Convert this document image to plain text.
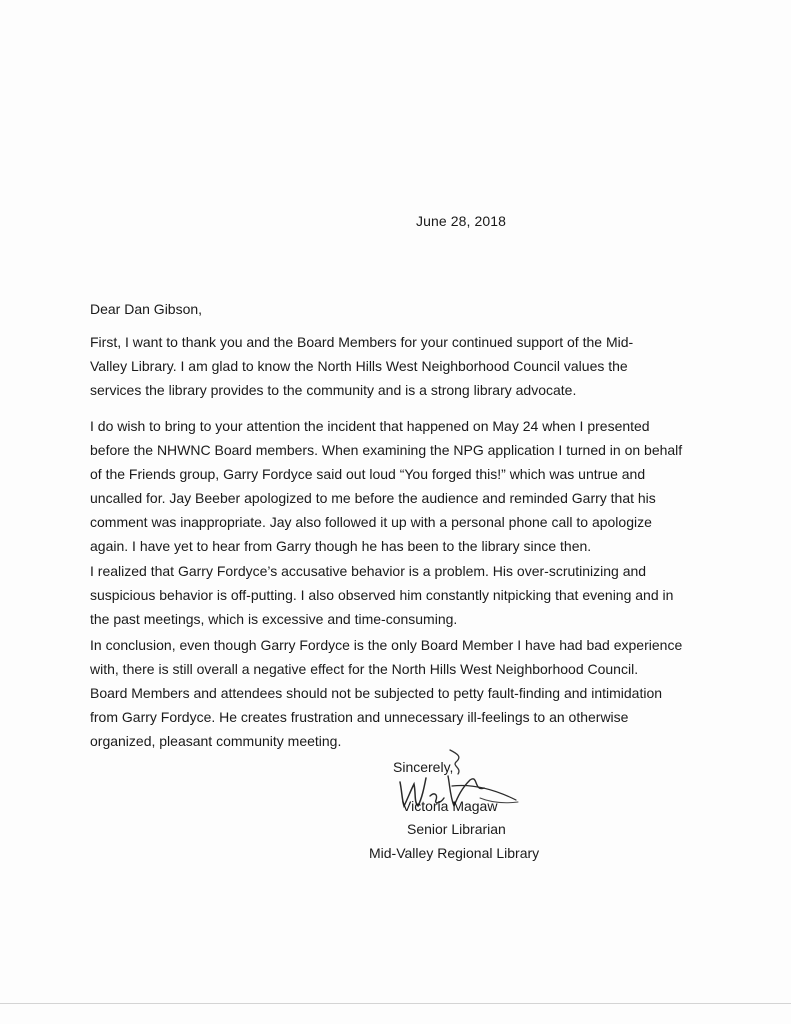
June 28, 2018
Dear Dan Gibson,

First, I want to thank you and the Board Members for your continued support of the Mid-
Valley Library. I am glad to know the North Hills West Neighborhood Council values the
services the library provides to the community and is a strong library advocate.

I do wish to bring to your attention the incident that happened on May 24 when I presented
before the NHWNC Board members. When examining the NPG application I turned in on behalf
of the Friends group, Garry Fordyce said out loud “You forged this!” which was untrue and
uncalled for. Jay Beeber apologized to me before the audience and reminded Garry that his
comment was inappropriate. Jay also followed it up with a personal phone call to apologize
again. I have yet to hear from Garry though he has been to the library since then.

I realized that Garry Fordyce’s accusative behavior is a problem. His over-scrutinizing and
suspicious behavior is off-putting. I also observed him constantly nitpicking that evening and in
the past meetings, which is excessive and time-consuming.

In conclusion, even though Garry Fordyce is the only Board Member I have had bad experience
with, there is still overall a negative effect for the North Hills West Neighborhood Council.
Board Members and attendees should not be subjected to petty fault-finding and intimidation
from Garry Fordyce. He creates frustration and unnecessary ill-feelings to an otherwise
organized, pleasant community meeting.

Sincerely,
Victoria Magaw
Senior Librarian
Mid-Valley Regional Library
